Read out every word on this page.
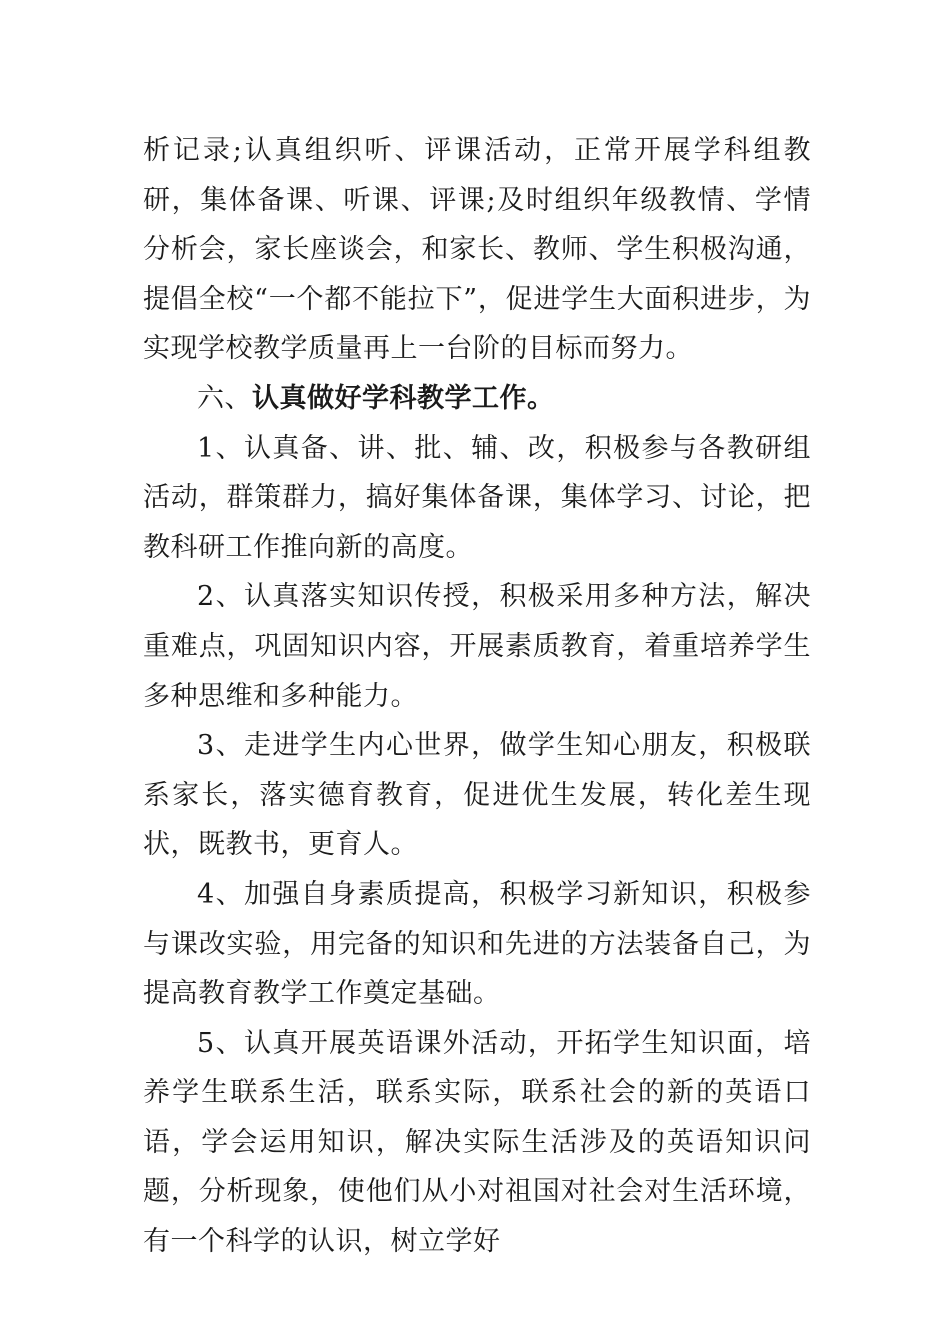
析记录;认真组织听、评课活动，正常开展学科组教研，集体备课、听课、评课;及时组织年级教情、学情分析会，家长座谈会，和家长、教师、学生积极沟通，提倡全校“一个都不能拉下”，促进学生大面积进步，为实现学校教学质量再上一台阶的目标而努力。

六、认真做好学科教学工作。

1、认真备、讲、批、辅、改，积极参与各教研组活动，群策群力，搞好集体备课，集体学习、讨论，把教科研工作推向新的高度。

2、认真落实知识传授，积极采用多种方法，解决重难点，巩固知识内容，开展素质教育，着重培养学生多种思维和多种能力。

3、走进学生内心世界，做学生知心朋友，积极联系家长，落实德育教育，促进优生发展，转化差生现状，既教书，更育人。

4、加强自身素质提高，积极学习新知识，积极参与课改实验，用完备的知识和先进的方法装备自己，为提高教育教学工作奠定基础。

5、认真开展英语课外活动，开拓学生知识面，培养学生联系生活，联系实际，联系社会的新的英语口语，学会运用知识，解决实际生活涉及的英语知识问题，分析现象，使他们从小对祖国对社会对生活环境，有一个科学的认识，树立学好
